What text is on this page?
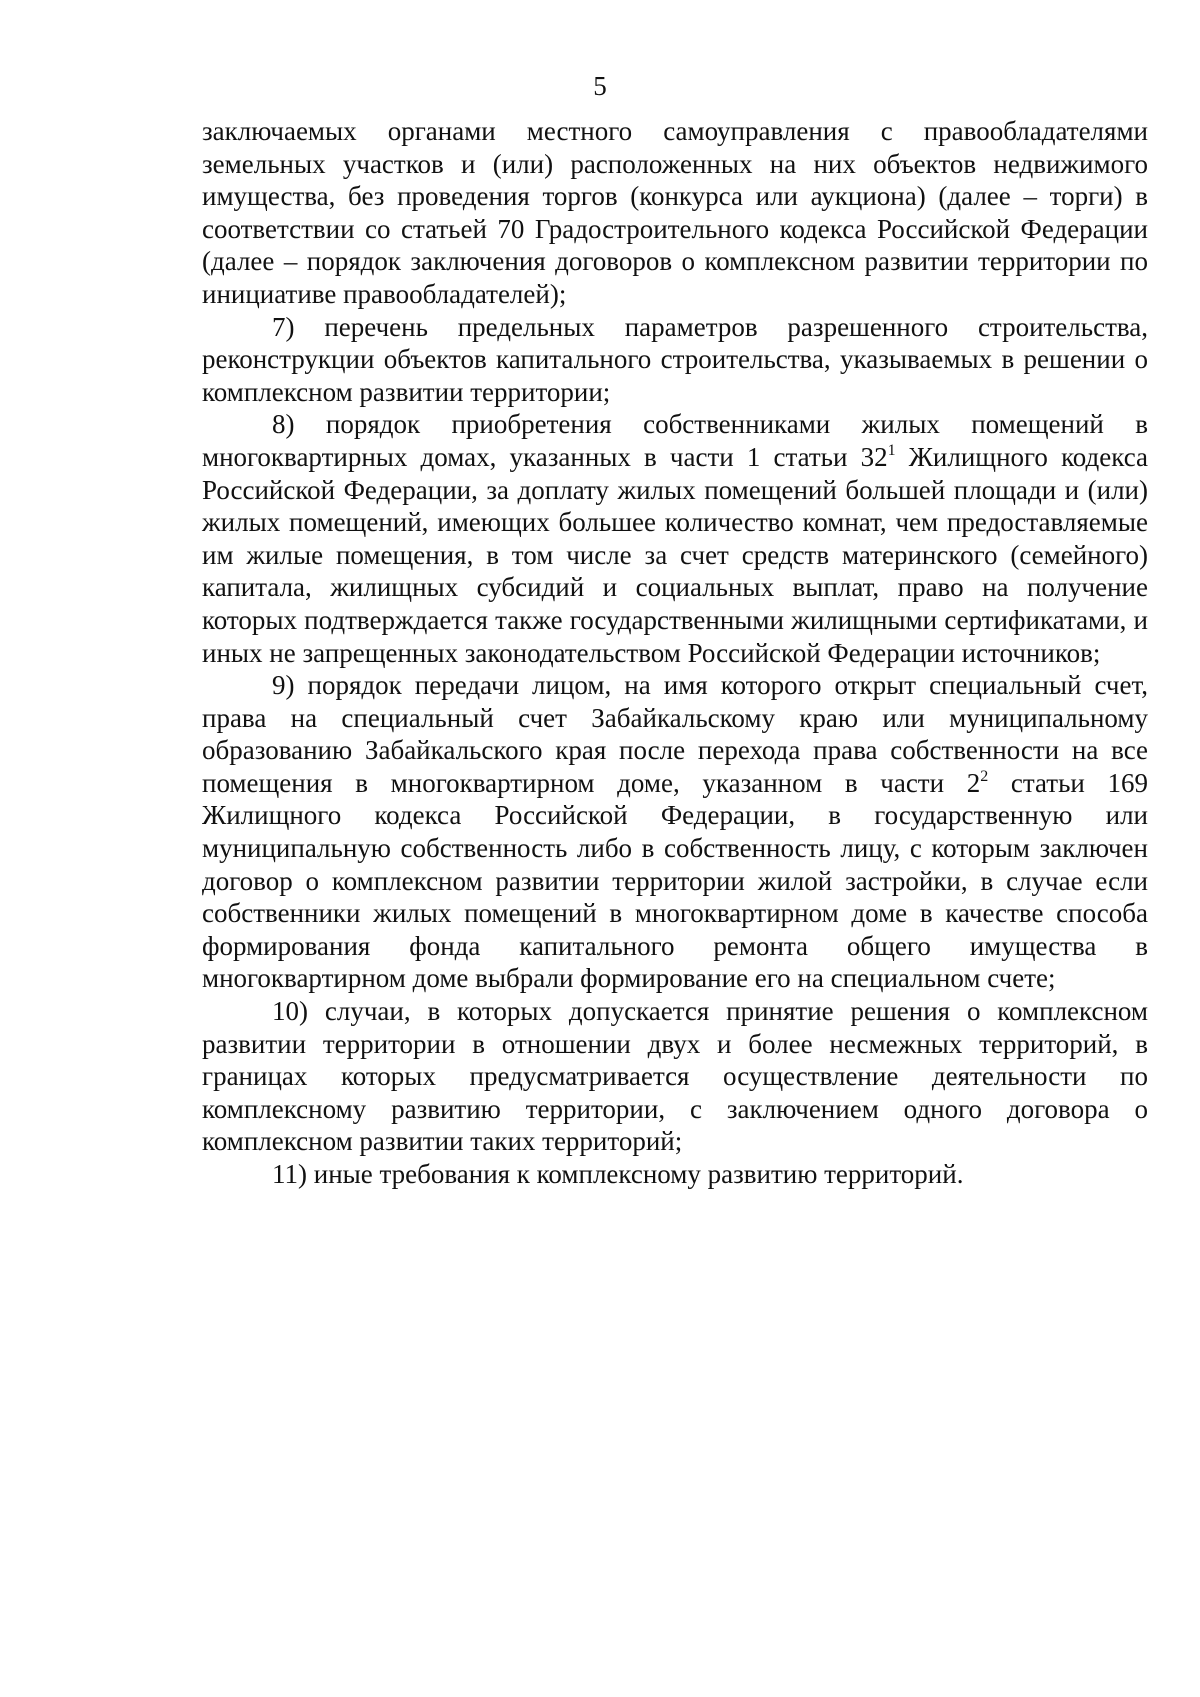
5

заключаемых органами местного самоуправления с правообладателями земельных участков и (или) расположенных на них объектов недвижимого имущества, без проведения торгов (конкурса или аукциона) (далее – торги) в соответствии со статьей 70 Градостроительного кодекса Российской Федерации (далее – порядок заключения договоров о комплексном развитии территории по инициативе правообладателей);

7) перечень предельных параметров разрешенного строительства, реконструкции объектов капитального строительства, указываемых в решении о комплексном развитии территории;

8) порядок приобретения собственниками жилых помещений в многоквартирных домах, указанных в части 1 статьи $32^1$ Жилищного кодекса Российской Федерации, за доплату жилых помещений большей площади и (или) жилых помещений, имеющих большее количество комнат, чем предоставляемые им жилые помещения, в том числе за счет средств материнского (семейного) капитала, жилищных субсидий и социальных выплат, право на получение которых подтверждается также государственными жилищными сертификатами, и иных не запрещенных законодательством Российской Федерации источников;

9) порядок передачи лицом, на имя которого открыт специальный счет, права на специальный счет Забайкальскому краю или муниципальному образованию Забайкальского края после перехода права собственности на все помещения в многоквартирном доме, указанном в части $2^2$ статьи 169 Жилищного кодекса Российской Федерации, в государственную или муниципальную собственность либо в собственность лицу, с которым заключен договор о комплексном развитии территории жилой застройки, в случае если собственники жилых помещений в многоквартирном доме в качестве способа формирования фонда капитального ремонта общего имущества в многоквартирном доме выбрали формирование его на специальном счете;

10) случаи, в которых допускается принятие решения о комплексном развитии территории в отношении двух и более несмежных территорий, в границах которых предусматривается осуществление деятельности по комплексному развитию территории, с заключением одного договора о комплексном развитии таких территорий;

11) иные требования к комплексному развитию территорий.
